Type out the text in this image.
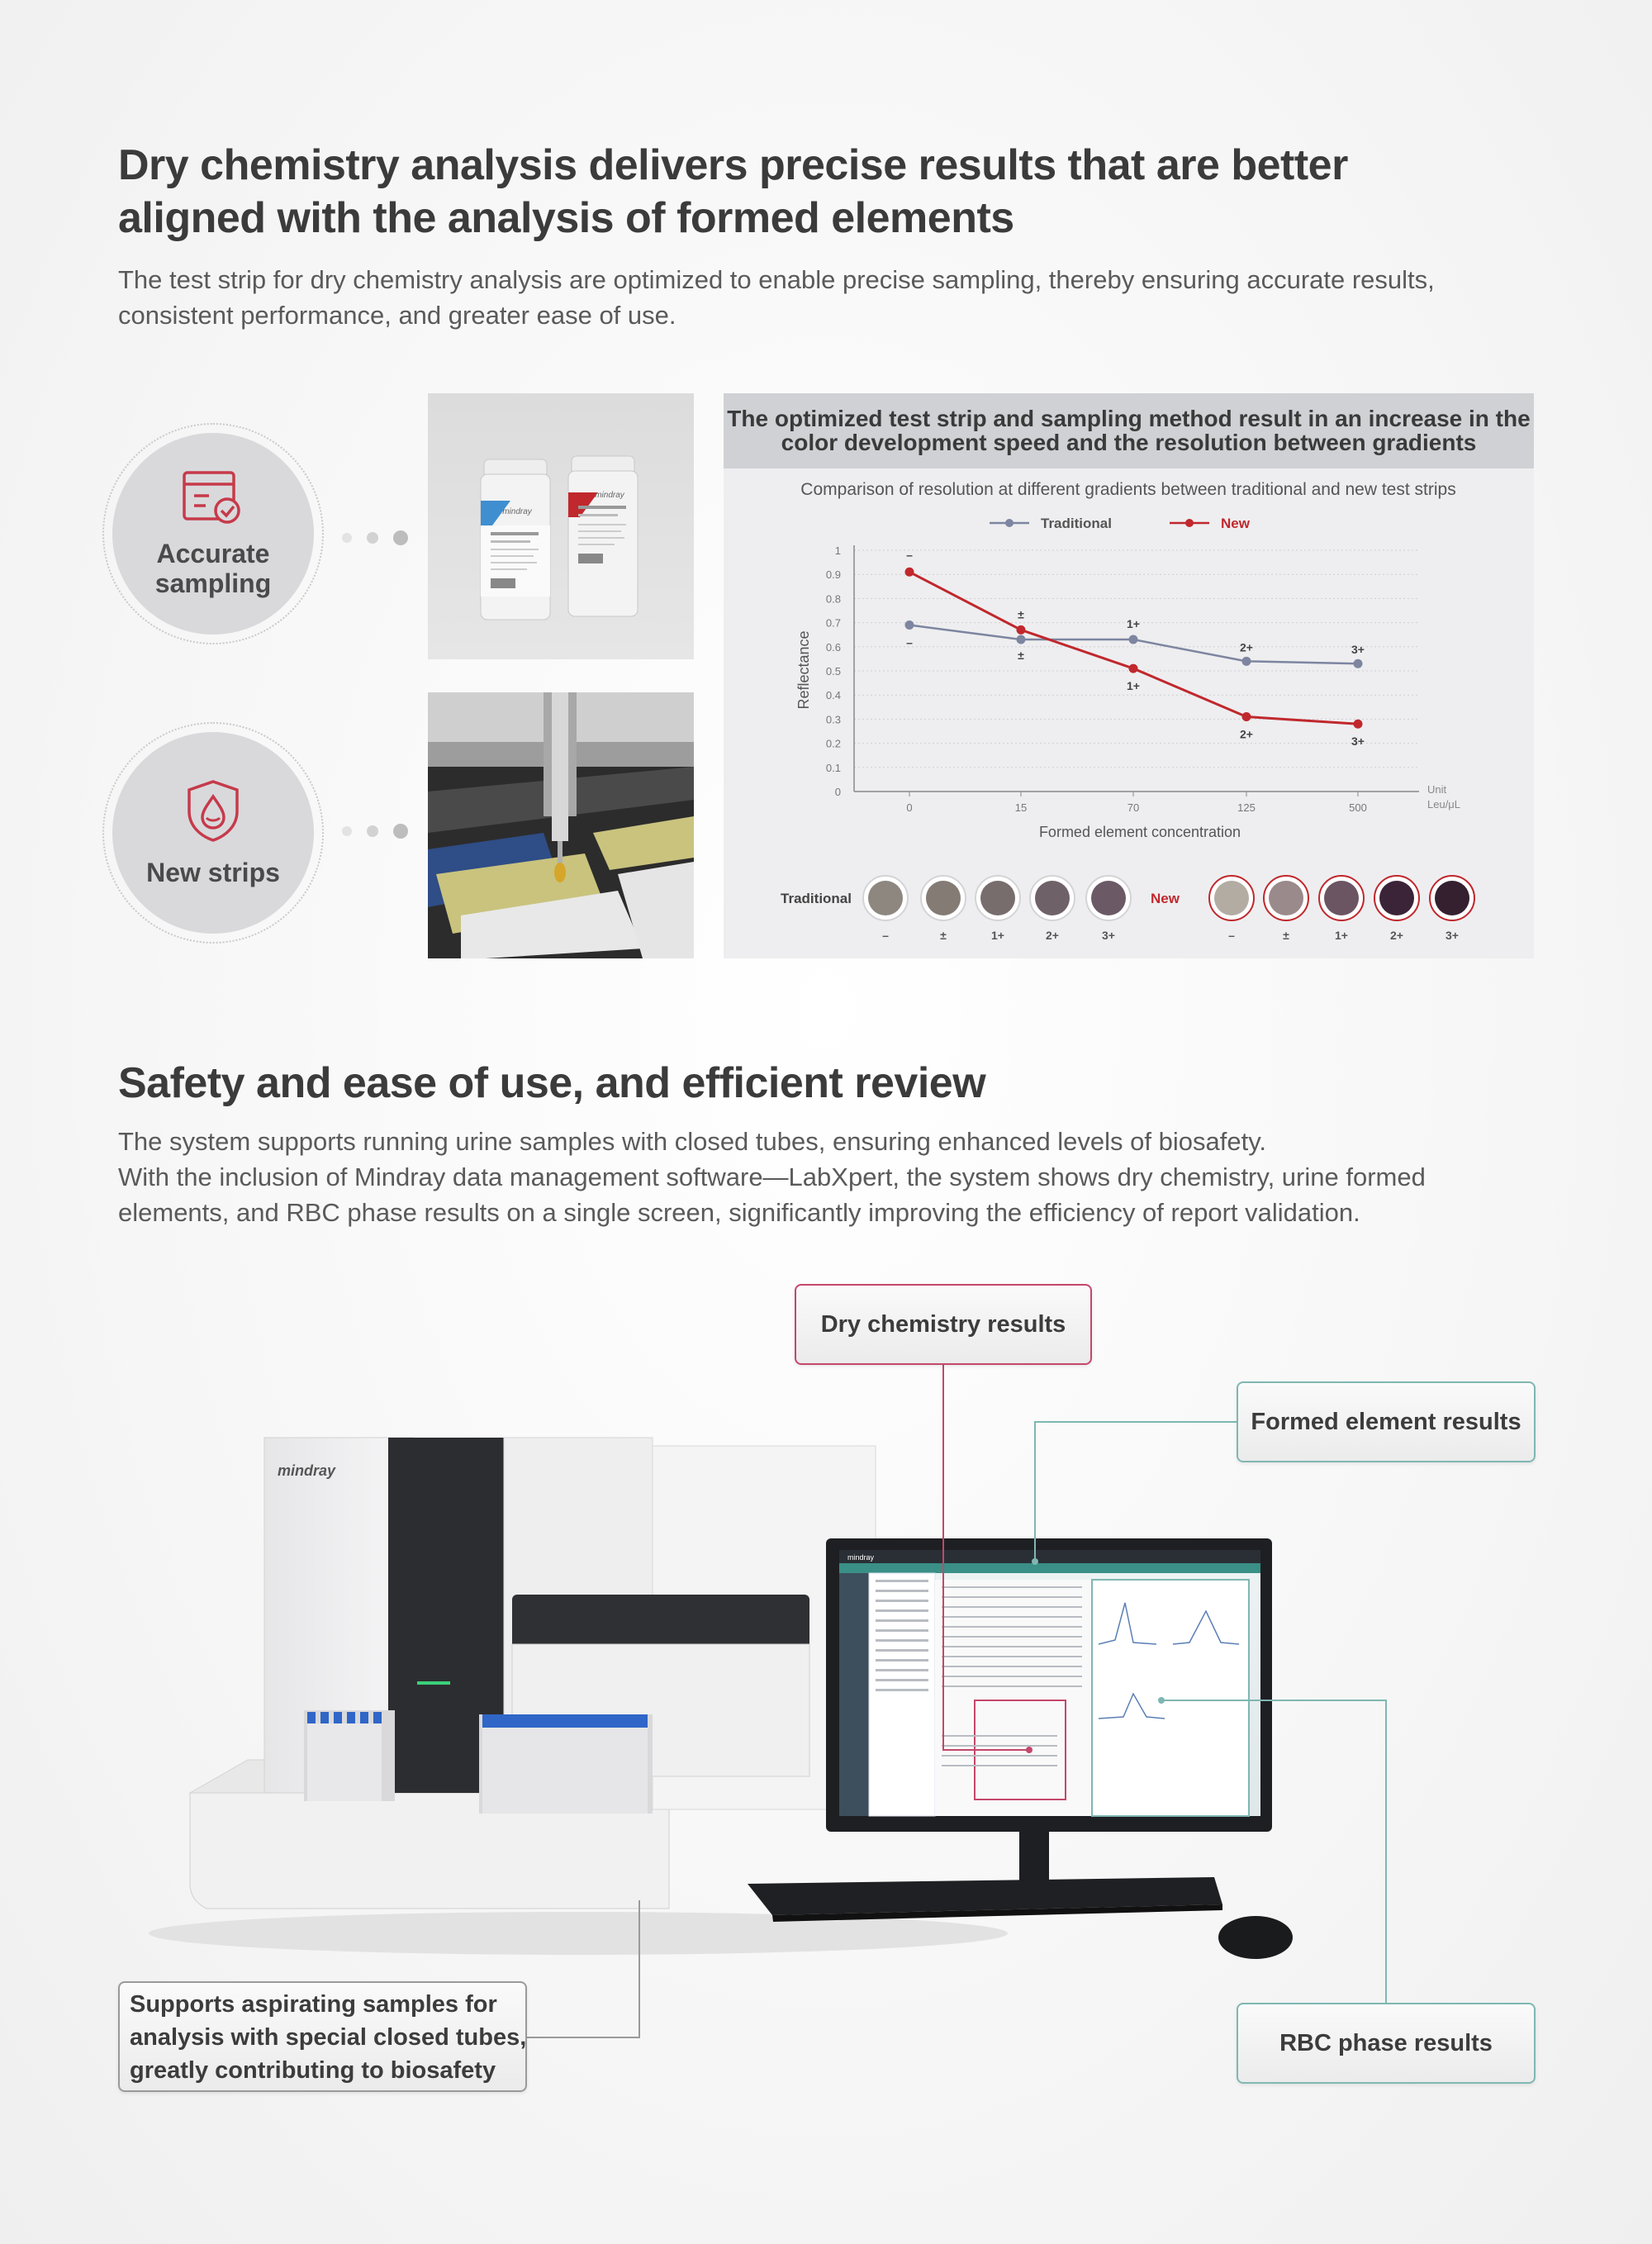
Dry chemistry analysis delivers precise results that are better
aligned with the analysis of formed elements
The test strip for dry chemistry analysis are optimized to enable precise sampling, thereby ensuring accurate results,
consistent performance, and greater ease of use.
Accurate
sampling
New strips
mindray
mindray
The optimized test strip and sampling method result in an increase in the
color development speed and the resolution between gradients
Comparison of resolution at different gradients between traditional and new test strips
Traditional	New
0
0.1
0.2
0.3
0.4
0.5
0.6
0.7
0.8
0.9
1
0	15	70	125	500
Formed element concentration
Reflectance
Unit
Leu/μL
–
±
1+
2+	3+
–
±
1+
2+
3+
Traditional
–	±	1+	2+	3+
New
–	±	1+	2+	3+
Safety and ease of use, and efficient review
The system supports running urine samples with closed tubes, ensuring enhanced levels of biosafety.
With the inclusion of Mindray data management software—LabXpert, the system shows dry chemistry, urine formed
elements, and RBC phase results on a single screen, significantly improving the efficiency of report validation.
mindray
mindray
Dry chemistry results
Formed element results
RBC phase results
Supports aspirating samples for
analysis with special closed tubes,
greatly contributing to biosafety
